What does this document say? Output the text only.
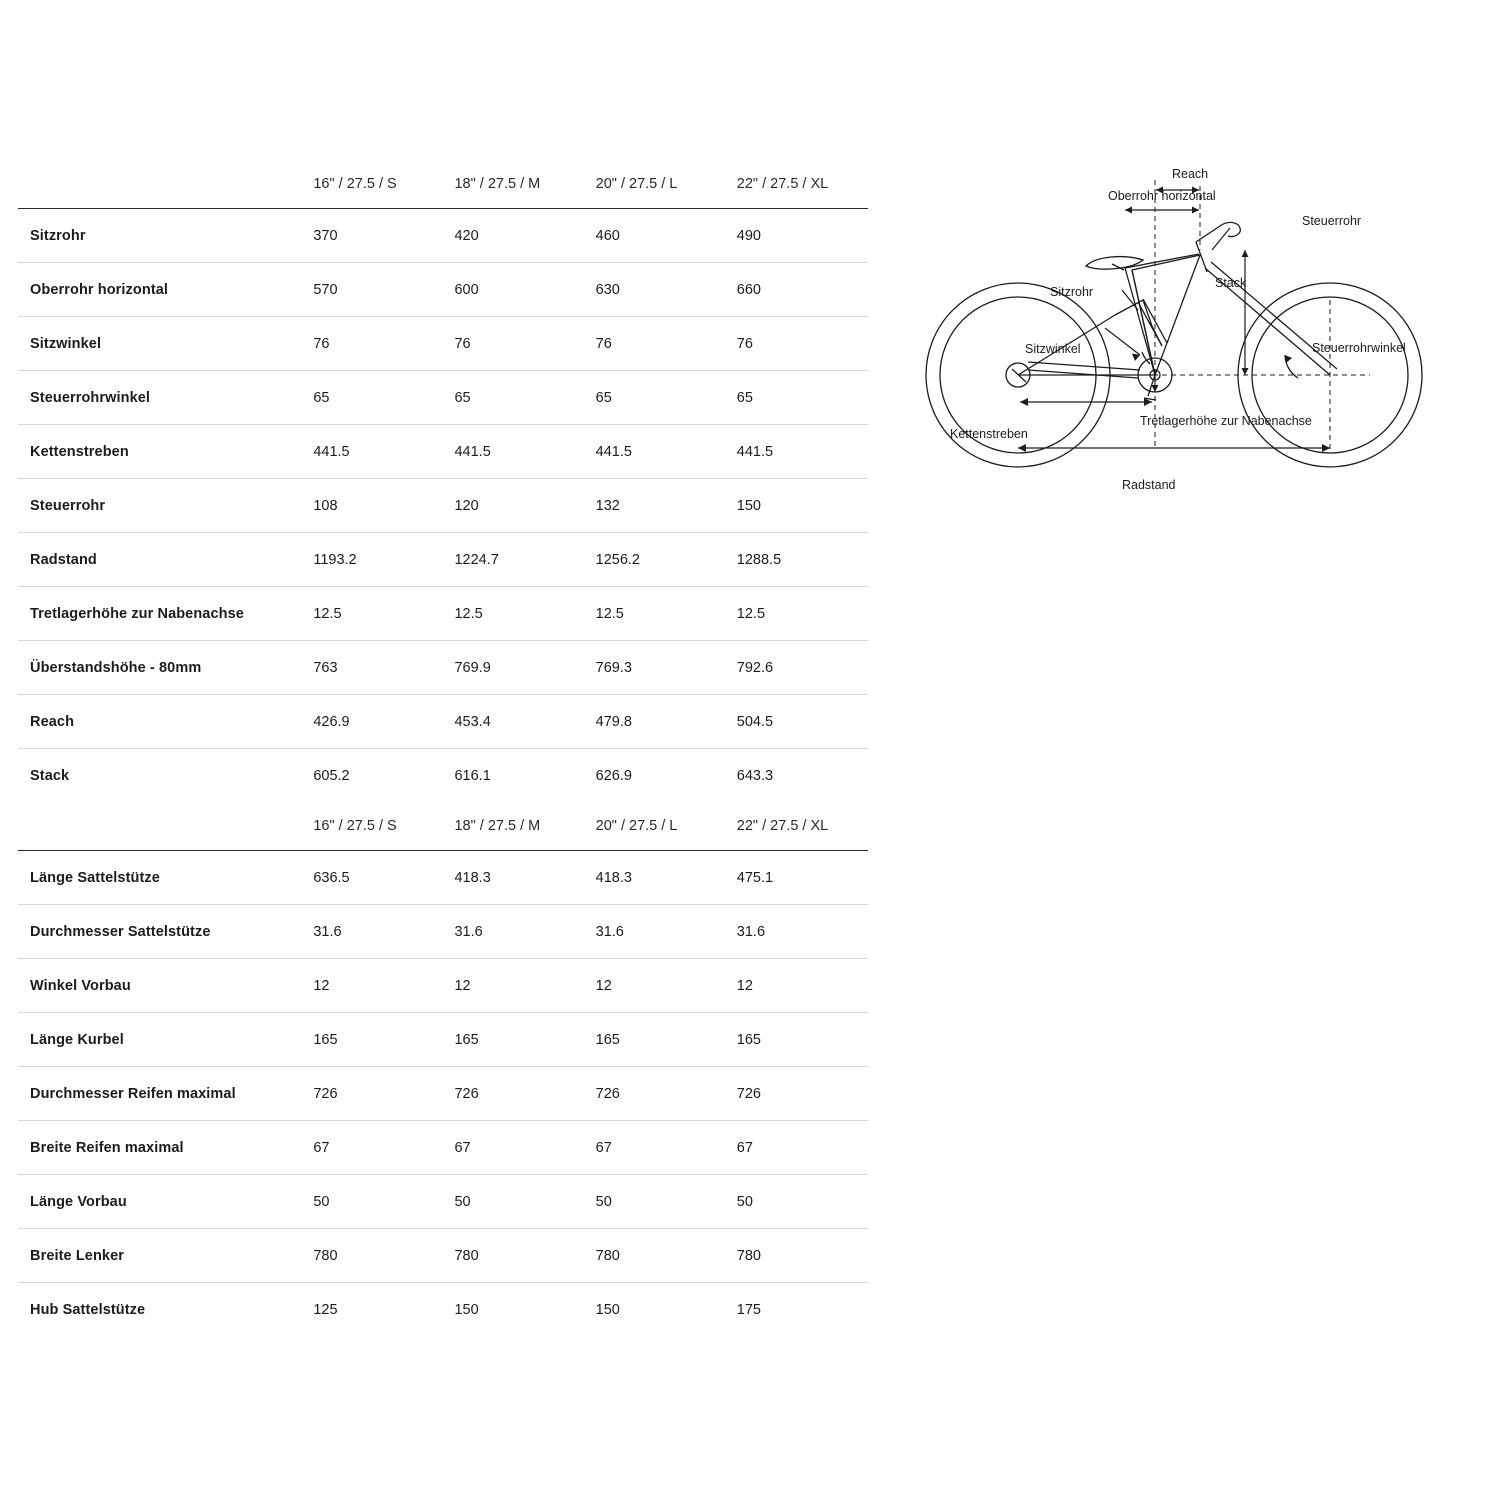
	16" / 27.5 / S	18" / 27.5 / M	20" / 27.5 / L	22" / 27.5 / XL
Sitzrohr	370	420	460	490
Oberrohr horizontal	570	600	630	660
Sitzwinkel	76	76	76	76
Steuerrohrwinkel	65	65	65	65
Kettenstreben	441.5	441.5	441.5	441.5
Steuerrohr	108	120	132	150
Radstand	1193.2	1224.7	1256.2	1288.5
Tretlagerhöhe zur Nabenachse	12.5	12.5	12.5	12.5
Überstandshöhe - 80mm	763	769.9	769.3	792.6
Reach	426.9	453.4	479.8	504.5
Stack	605.2	616.1	626.9	643.3
	16" / 27.5 / S	18" / 27.5 / M	20" / 27.5 / L	22" / 27.5 / XL
Länge Sattelstütze	636.5	418.3	418.3	475.1
Durchmesser Sattelstütze	31.6	31.6	31.6	31.6
Winkel Vorbau	12	12	12	12
Länge Kurbel	165	165	165	165
Durchmesser Reifen maximal	726	726	726	726
Breite Reifen maximal	67	67	67	67
Länge Vorbau	50	50	50	50
Breite Lenker	780	780	780	780
Hub Sattelstütze	125	150	150	175
Reach
Oberrohr horizontal
Steuerrohr
Stack
Sitzrohr
Sitzwinkel	Steuerrohrwinkel
Kettenstreben
Tretlagerhöhe zur Nabenachse
Radstand
